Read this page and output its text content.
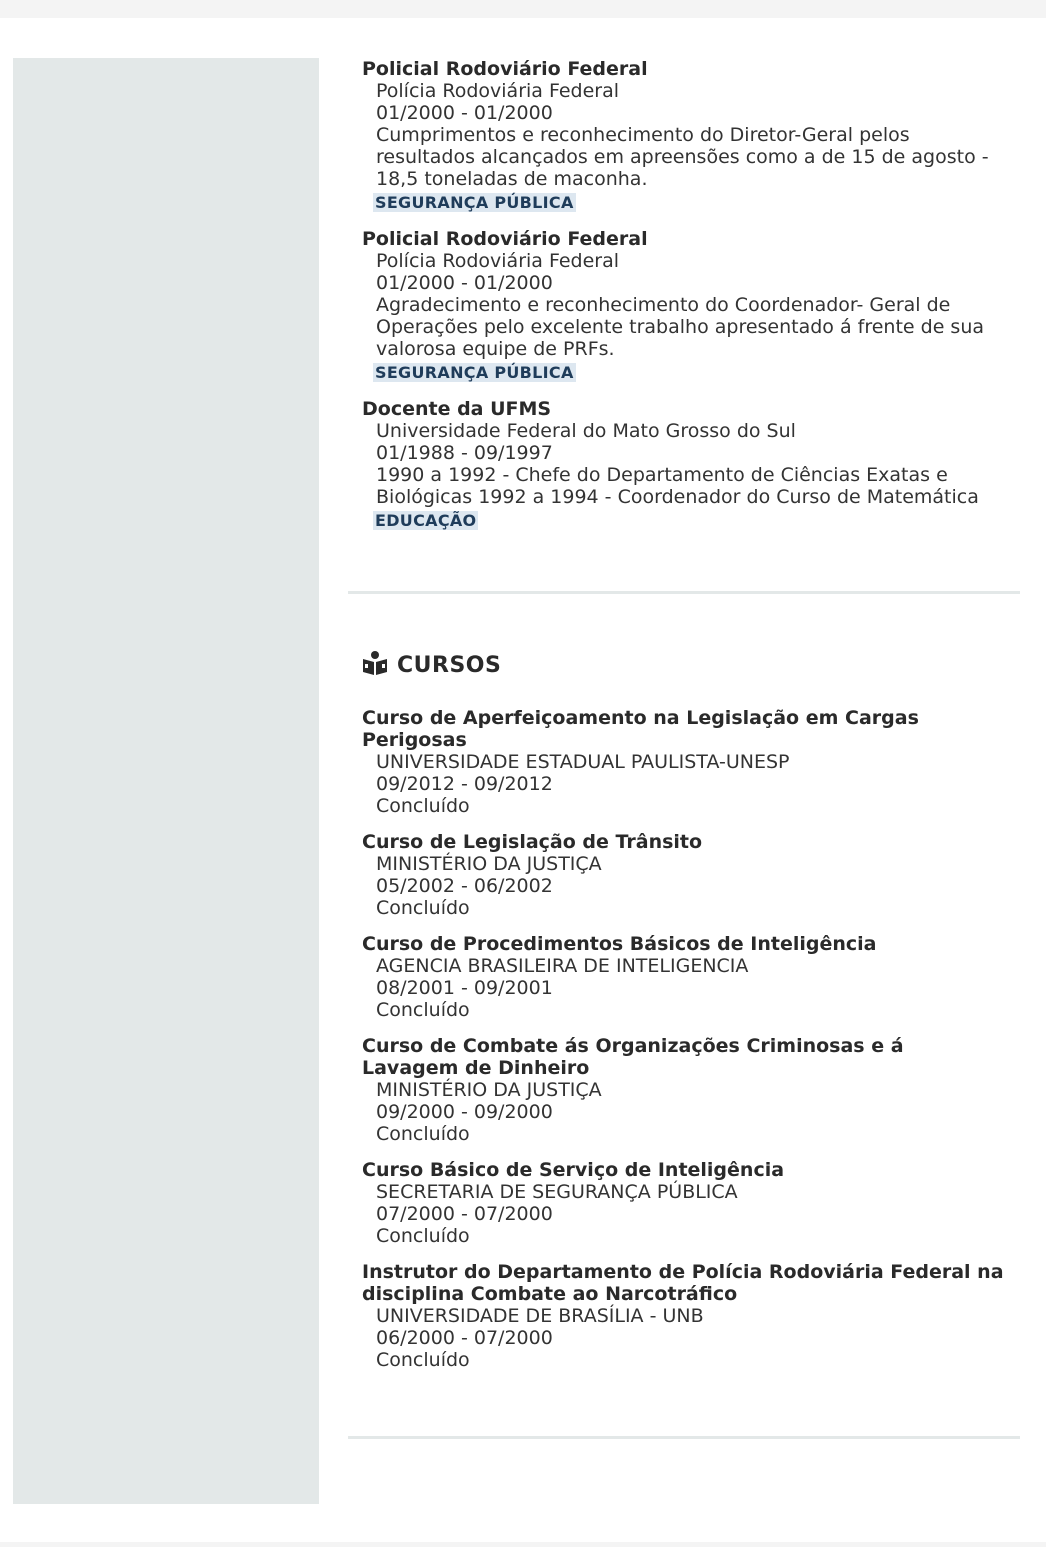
Policial Rodoviário Federal
Polícia Rodoviária Federal
01/2000 - 01/2000
Cumprimentos e reconhecimento do Diretor-Geral pelos
resultados alcançados em apreensões como a de 15 de agosto -
18,5 toneladas de maconha.
SEGURANÇA PÚBLICA
Policial Rodoviário Federal
Polícia Rodoviária Federal
01/2000 - 01/2000
Agradecimento e reconhecimento do Coordenador- Geral de
Operações pelo excelente trabalho apresentado á frente de sua
valorosa equipe de PRFs.
SEGURANÇA PÚBLICA
Docente da UFMS
Universidade Federal do Mato Grosso do Sul
01/1988 - 09/1997
1990 a 1992 - Chefe do Departamento de Ciências Exatas e
Biológicas 1992 a 1994 - Coordenador do Curso de Matemática
EDUCAÇÃO
CURSOS
Curso de Aperfeiçoamento na Legislação em Cargas
Perigosas
UNIVERSIDADE ESTADUAL PAULISTA-UNESP
09/2012 - 09/2012
Concluído
Curso de Legislação de Trânsito
MINISTÉRIO DA JUSTIÇA
05/2002 - 06/2002
Concluído
Curso de Procedimentos Básicos de Inteligência
AGENCIA BRASILEIRA DE INTELIGENCIA
08/2001 - 09/2001
Concluído
Curso de Combate ás Organizações Criminosas e á
Lavagem de Dinheiro
MINISTÉRIO DA JUSTIÇA
09/2000 - 09/2000
Concluído
Curso Básico de Serviço de Inteligência
SECRETARIA DE SEGURANÇA PÚBLICA
07/2000 - 07/2000
Concluído
Instrutor do Departamento de Polícia Rodoviária Federal na
disciplina Combate ao Narcotráfico
UNIVERSIDADE DE BRASÍLIA - UNB
06/2000 - 07/2000
Concluído
